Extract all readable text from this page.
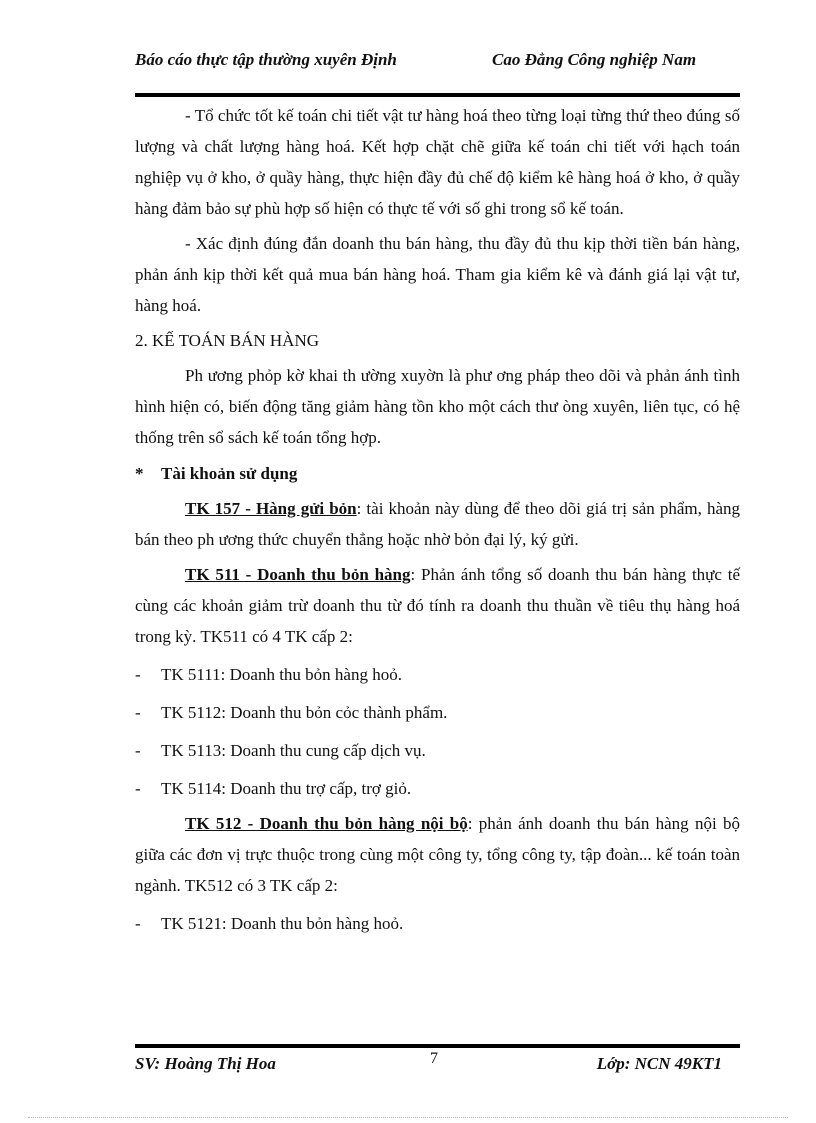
Báo cáo thực tập thường xuyên Định	Cao Đẳng Công nghiệp Nam

- Tổ chức tốt kế toán chi tiết vật tư hàng hoá theo từng loại từng thứ theo đúng số lượng và chất lượng hàng hoá. Kết hợp chặt chẽ giữa kế toán chi tiết với hạch toán nghiệp vụ ở kho, ở quầy hàng, thực hiện đầy đủ chế độ kiểm kê hàng hoá ở kho, ở quầy hàng đảm bảo sự phù hợp số hiện có thực tế với số ghi trong sổ kế toán.

- Xác định đúng đắn doanh thu bán hàng, thu đầy đủ thu kịp thời tiền bán hàng, phản ánh kịp thời kết quả mua bán hàng hoá. Tham gia kiểm kê và đánh giá lại vật tư, hàng hoá.

2. KẾ TOÁN BÁN HÀNG

Ph ương phỏp kờ khai th ường xuyờn là phư ơng pháp theo dõi và phản ánh tình hình hiện có, biến động tăng giảm hàng tồn kho một cách thư òng xuyên, liên tục, có hệ thống trên sổ sách kế toán tổng hợp.

* Tài khoản sử dụng

TK 157 - Hàng gửi bỏn: tài khoản này dùng để theo dõi giá trị sản phẩm, hàng bán theo ph ương thức chuyển thẳng hoặc nhờ bỏn đại lý, ký gửi.

TK 511 - Doanh thu bỏn hàng: Phản ánh tổng số doanh thu bán hàng thực tế cùng các khoản giảm trừ doanh thu từ đó tính ra doanh thu thuần về tiêu thụ hàng hoá trong kỳ. TK511 có 4 TK cấp 2:

- TK 5111: Doanh thu bỏn hàng hoỏ.

- TK 5112: Doanh thu bỏn cỏc thành phẩm.

- TK 5113: Doanh thu cung cấp dịch vụ.

- TK 5114: Doanh thu trợ cấp, trợ giỏ.

TK 512 - Doanh thu bỏn hàng nội bộ: phản ánh doanh thu bán hàng nội bộ giữa các đơn vị trực thuộc trong cùng một công ty, tổng công ty, tập đoàn... kế toán toàn ngành. TK512 có 3 TK cấp 2:

- TK 5121: Doanh thu bỏn hàng hoỏ.

SV: Hoàng Thị Hoa	7	Lớp: NCN 49KT1
